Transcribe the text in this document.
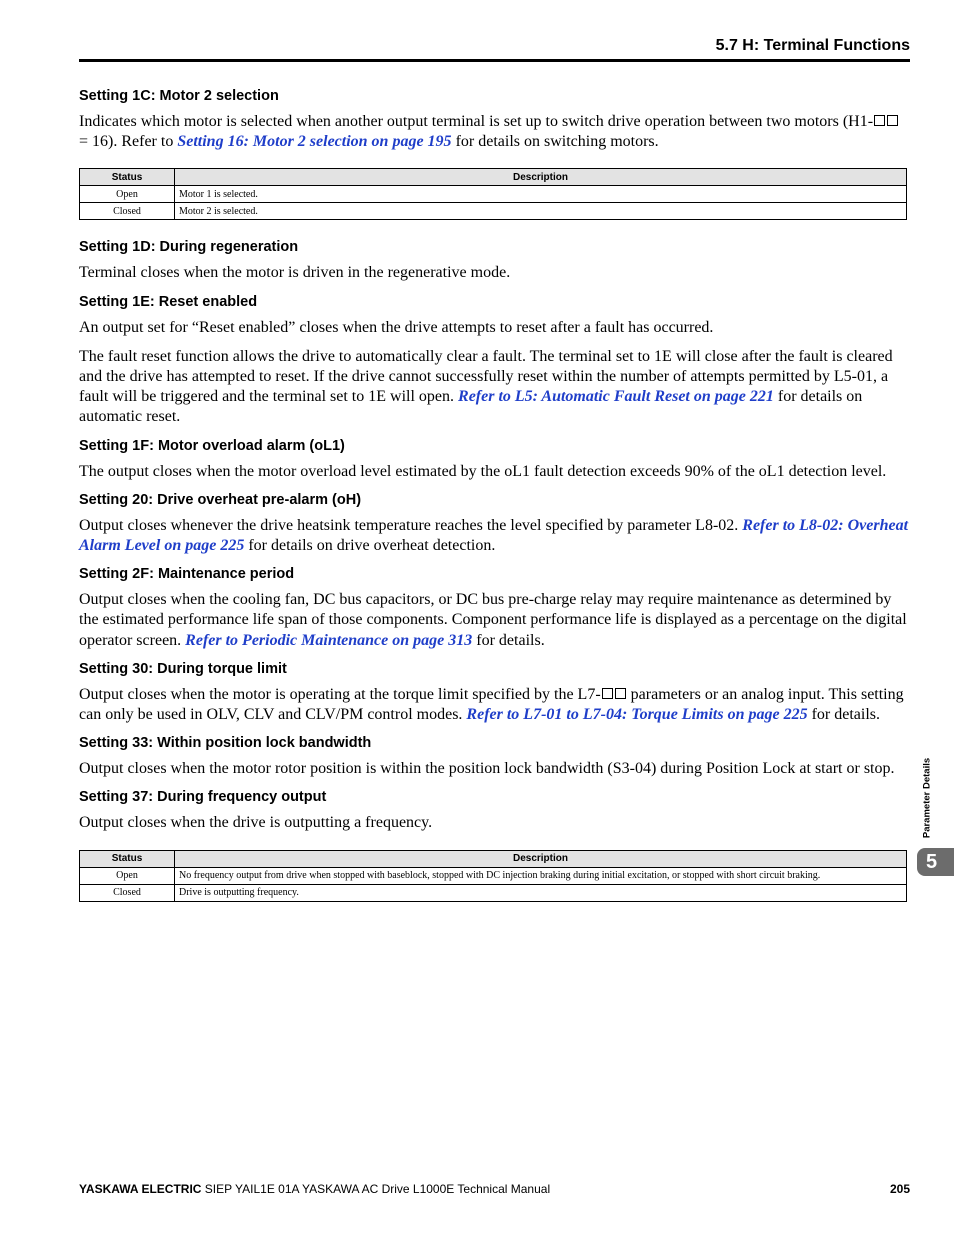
5.7 H: Terminal Functions
Setting 1C: Motor 2 selection

Indicates which motor is selected when another output terminal is set up to switch drive operation between two motors (H1- = 16). Refer to Setting 16: Motor 2 selection on page 195 for details on switching motors.

Status	Description
Open	Motor 1 is selected.
Closed	Motor 2 is selected.
Setting 1D: During regeneration

Terminal closes when the motor is driven in the regenerative mode.

Setting 1E: Reset enabled

An output set for “Reset enabled” closes when the drive attempts to reset after a fault has occurred.

The fault reset function allows the drive to automatically clear a fault. The terminal set to 1E will close after the fault is cleared and the drive has attempted to reset. If the drive cannot successfully reset within the number of attempts permitted by L5-01, a fault will be triggered and the terminal set to 1E will open. Refer to L5: Automatic Fault Reset on page 221 for details on automatic reset.

Setting 1F: Motor overload alarm (oL1)

The output closes when the motor overload level estimated by the oL1 fault detection exceeds 90% of the oL1 detection level.

Setting 20: Drive overheat pre-alarm (oH)

Output closes whenever the drive heatsink temperature reaches the level specified by parameter L8-02. Refer to L8-02: Overheat Alarm Level on page 225 for details on drive overheat detection.

Setting 2F: Maintenance period

Output closes when the cooling fan, DC bus capacitors, or DC bus pre-charge relay may require maintenance as determined by the estimated performance life span of those components. Component performance life is displayed as a percentage on the digital operator screen. Refer to Periodic Maintenance on page 313 for details.

Setting 30: During torque limit

Output closes when the motor is operating at the torque limit specified by the L7- parameters or an analog input. This setting can only be used in OLV, CLV and CLV/PM control modes. Refer to L7-01 to L7-04: Torque Limits on page 225 for details.

Setting 33: Within position lock bandwidth

Output closes when the motor rotor position is within the position lock bandwidth (S3-04) during Position Lock at start or stop.

Setting 37: During frequency output

Output closes when the drive is outputting a frequency.

Status	Description
Open	No frequency output from drive when stopped with baseblock, stopped with DC injection braking during initial excitation, or stopped with short circuit braking.
Closed	Drive is outputting frequency.
Parameter Details
5
YASKAWA ELECTRIC SIEP YAIL1E 01A YASKAWA AC Drive L1000E Technical Manual	205
